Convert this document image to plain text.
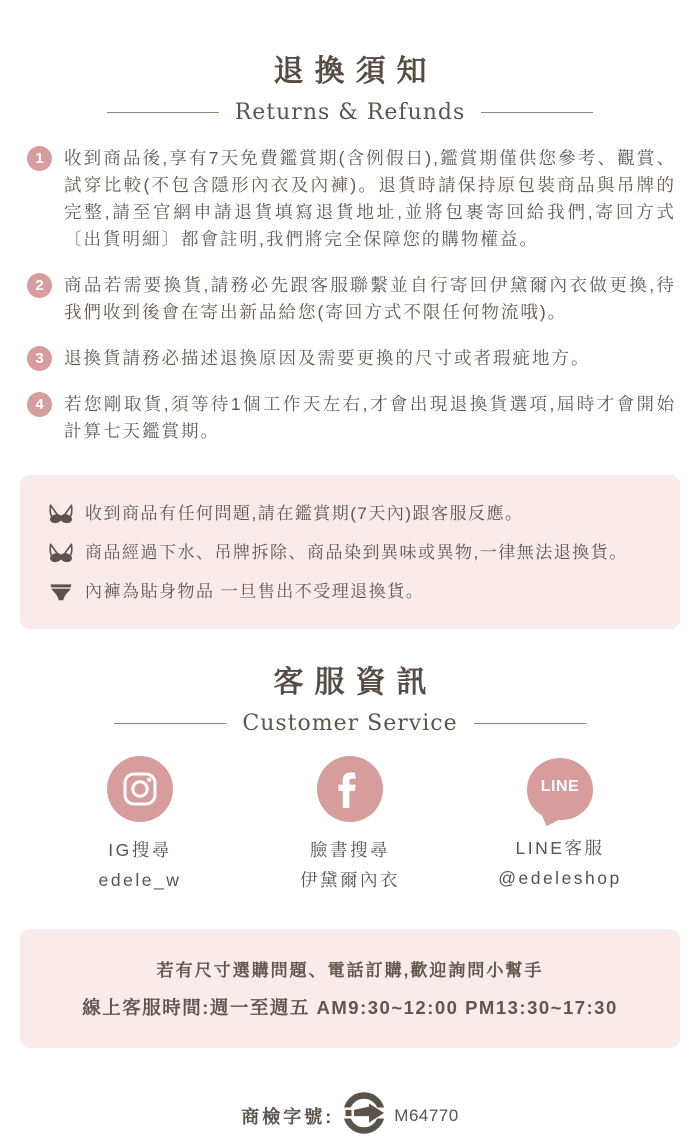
退換須知
Returns & Refunds
1	收到商品後,享有7天免費鑑賞期(含例假日),鑑賞期僅供您參考、觀賞、試穿比較(不包含隱形內衣及內褲)。退貨時請保持原包裝商品與吊牌的完整,請至官網申請退貨填寫退貨地址,並將包裹寄回給我們,寄回方式〔出貨明細〕都會註明,我們將完全保障您的購物權益。

2	商品若需要換貨,請務必先跟客服聯繫並自行寄回伊黛爾內衣做更換,待我們收到後會在寄出新品給您(寄回方式不限任何物流哦)。

3	退換貨請務必描述退換原因及需要更換的尺寸或者瑕疵地方。

4	若您剛取貨,須等待1個工作天左右,才會出現退換貨選項,屆時才會開始計算七天鑑賞期。

收到商品有任何問題,請在鑑賞期(7天內)跟客服反應。
商品經過下水、吊牌拆除、商品染到異味或異物,一律無法退換貨。
內褲為貼身物品 一旦售出不受理退換貨。
客服資訊
Customer Service
IG搜尋
edele_w
臉書搜尋
伊黛爾內衣
LINE
LINE客服
@edeleshop
若有尺寸選購問題、電話訂購,歡迎詢問小幫手
線上客服時間:週一至週五 AM9:30~12:00 PM13:30~17:30
商檢字號:	M64770
